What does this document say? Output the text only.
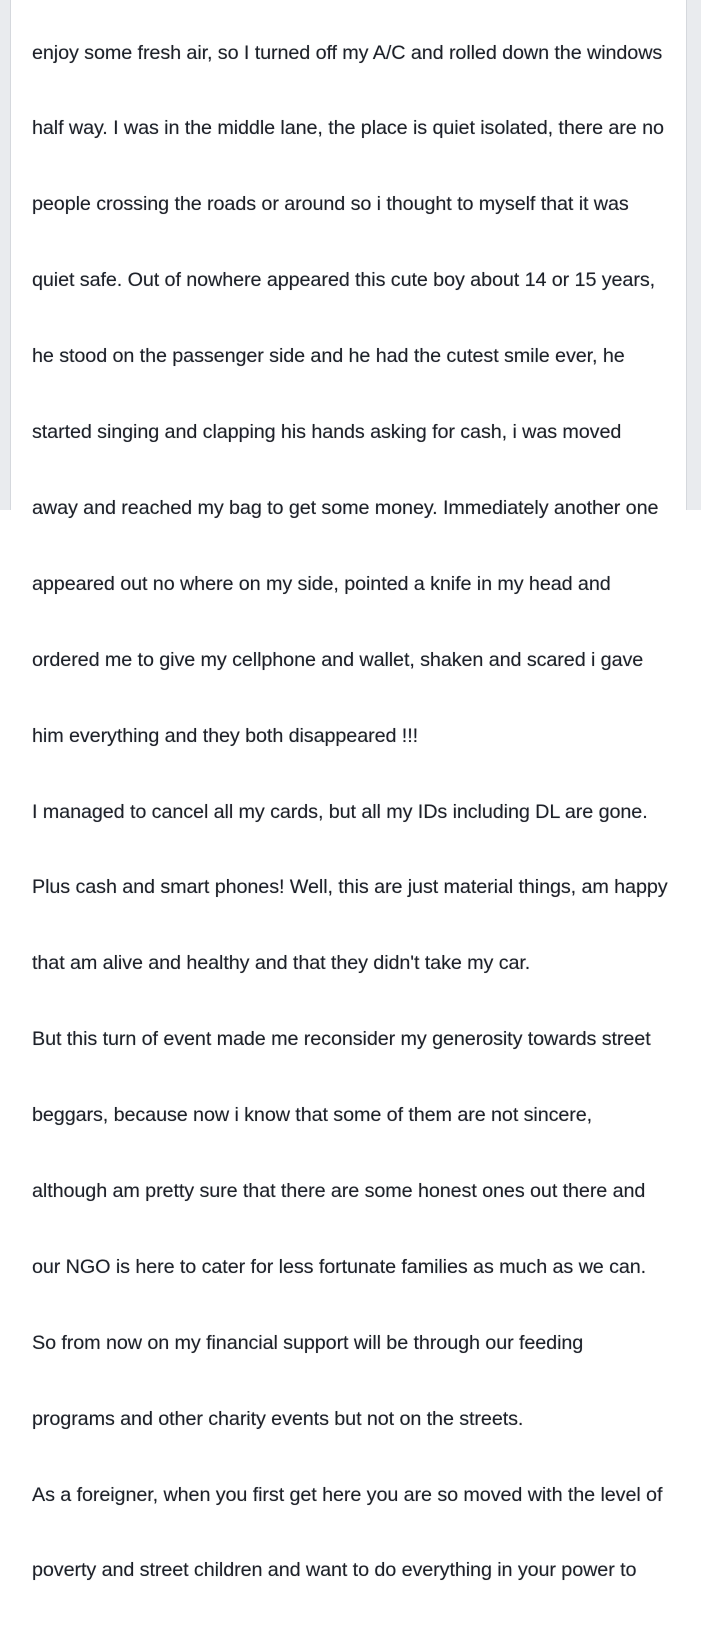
enjoy some fresh air, so I turned off my A/C and rolled down the windows

half way. I was in the middle lane, the place is quiet isolated, there are no

people crossing the roads or around so i thought to myself that it was

quiet safe. Out of nowhere appeared this cute boy about 14 or 15 years,

he stood on the passenger side and he had the cutest smile ever, he

started singing and clapping his hands asking for cash, i was moved

away and reached my bag to get some money. Immediately another one

appeared out no where on my side, pointed a knife in my head and

ordered me to give my cellphone and wallet, shaken and scared i gave

him everything and they both disappeared !!!

I managed to cancel all my cards, but all my IDs including DL are gone.

Plus cash and smart phones! Well, this are just material things, am happy

that am alive and healthy and that they didn't take my car.

But this turn of event made me reconsider my generosity towards street

beggars, because now i know that some of them are not sincere,

although am pretty sure that there are some honest ones out there and

our NGO is here to cater for less fortunate families as much as we can.

So from now on my financial support will be through our feeding

programs and other charity events but not on the streets.

As a foreigner, when you first get here you are so moved with the level of

poverty and street children and want to do everything in your power to
